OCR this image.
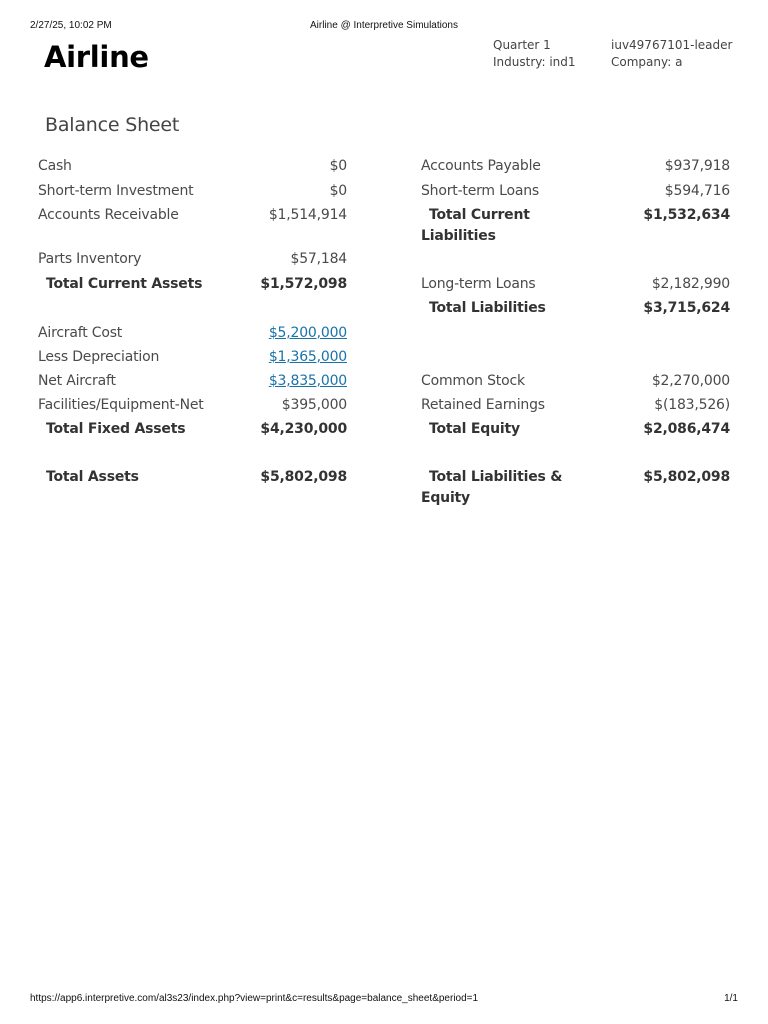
2/27/25, 10:02 PM	Airline @ Interpretive Simulations
Airline	Quarter 1
Industry: ind1
iuv49767101-leader
Company: a
Balance Sheet
Cash	$0
Short-term Investment	$0
Accounts Receivable	$1,514,914
Parts Inventory	$57,184
Total Current Assets	$1,572,098
Aircraft Cost	$5,200,000
Less Depreciation	$1,365,000
Net Aircraft	$3,835,000
Facilities/Equipment-Net	$395,000
Total Fixed Assets	$4,230,000
Total Assets	$5,802,098
Accounts Payable	$937,918
Short-term Loans	$594,716
Total Current
Liabilities
$1,532,634
Long-term Loans	$2,182,990
Total Liabilities	$3,715,624
Common Stock	$2,270,000
Retained Earnings	$(183,526)
Total Equity	$2,086,474
Total Liabilities &
Equity
$5,802,098
https://app6.interpretive.com/al3s23/index.php?view=print&c=results&page=balance_sheet&period=1	1/1
